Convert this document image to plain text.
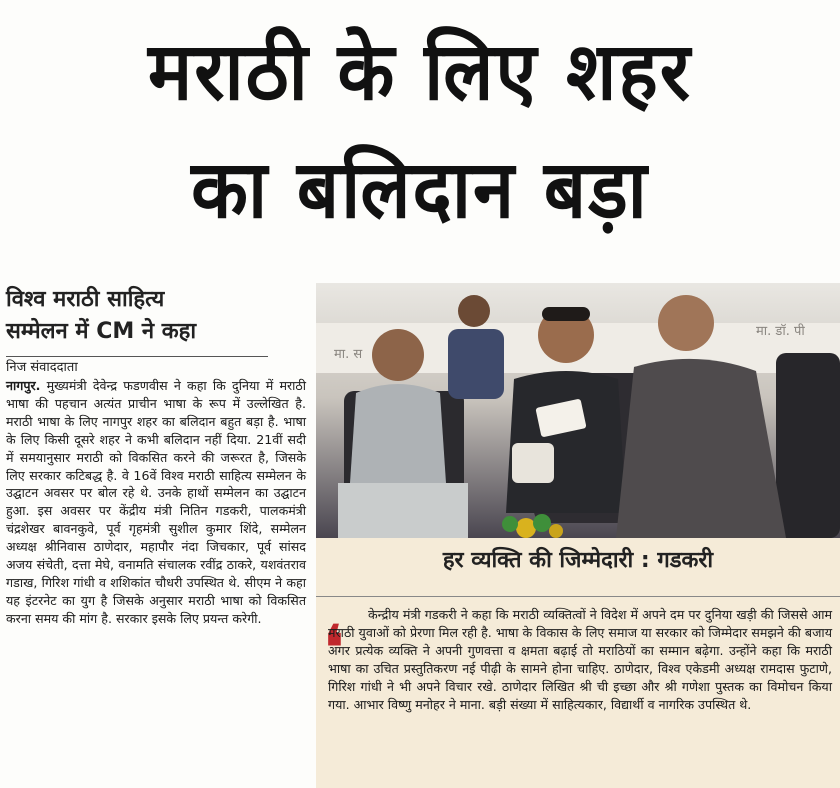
मराठी के लिए शहर
का बलिदान बड़ा
विश्व मराठी साहित्य
सम्मेलन में CM ने कहा
निज संवाददाता
नागपुर. मुख्यमंत्री देवेन्द्र फडणवीस ने कहा कि दुनिया में मराठी भाषा की पहचान अत्यंत प्राचीन भाषा के रूप में उल्लेखित है. मराठी भाषा के लिए नागपुर शहर का बलिदान बहुत बड़ा है. भाषा के लिए किसी दूसरे शहर ने कभी बलिदान नहीं दिया. 21वीं सदी में समयानुसार मराठी को विकसित करने की जरूरत है, जिसके लिए सरकार कटिबद्ध है. वे 16वें विश्व मराठी साहित्य सम्मेलन के उद्घाटन अवसर पर बोल रहे थे. उनके हाथों सम्मेलन का उद्घाटन हुआ. इस अवसर पर केंद्रीय मंत्री नितिन गडकरी, पालकमंत्री चंद्रशेखर बावनकुवे, पूर्व गृहमंत्री सुशील कुमार शिंदे, सम्मेलन अध्यक्ष श्रीनिवास ठाणेदार, महापौर नंदा जिचकार, पूर्व सांसद अजय संचेती, दत्ता मेघे, वनामति संचालक रवींद्र ठाकरे, यशवंतराव गडाख, गिरिश गांधी व शशिकांत चौधरी उपस्थित थे. सीएम ने कहा यह इंटरनेट का युग है जिसके अनुसार मराठी भाषा को विकसित करना समय की मांग है. सरकार इसके लिए प्रयन्त करेगी.
मा. स
मा. डॉ. पी
हर व्यक्ति की जिम्मेदारी : गडकरी
❛	केन्द्रीय मंत्री गडकरी ने कहा कि मराठी व्यक्तित्वों ने विदेश में अपने दम पर दुनिया खड़ी की जिससे आम मराठी युवाओं को प्रेरणा मिल रही है. भाषा के विकास के लिए समाज या सरकार को जिम्मेदार समझने की बजाय अगर प्रत्येक व्यक्ति ने अपनी गुणवत्ता व क्षमता बढ़ाई तो मराठियों का सम्मान बढ़ेगा. उन्होंने कहा कि मराठी भाषा का उचित प्रस्तुतिकरण नई पीढ़ी के सामने होना चाहिए. ठाणेदार, विश्व एकेडमी अध्यक्ष रामदास फुटाणे, गिरिश गांधी ने भी अपने विचार रखे. ठाणेदार लिखित श्री ची इच्छा और श्री गणेशा पुस्तक का विमोचन किया गया. आभार विष्णु मनोहर ने माना. बड़ी संख्या में साहित्यकार, विद्यार्थी व नागरिक उपस्थित थे.
